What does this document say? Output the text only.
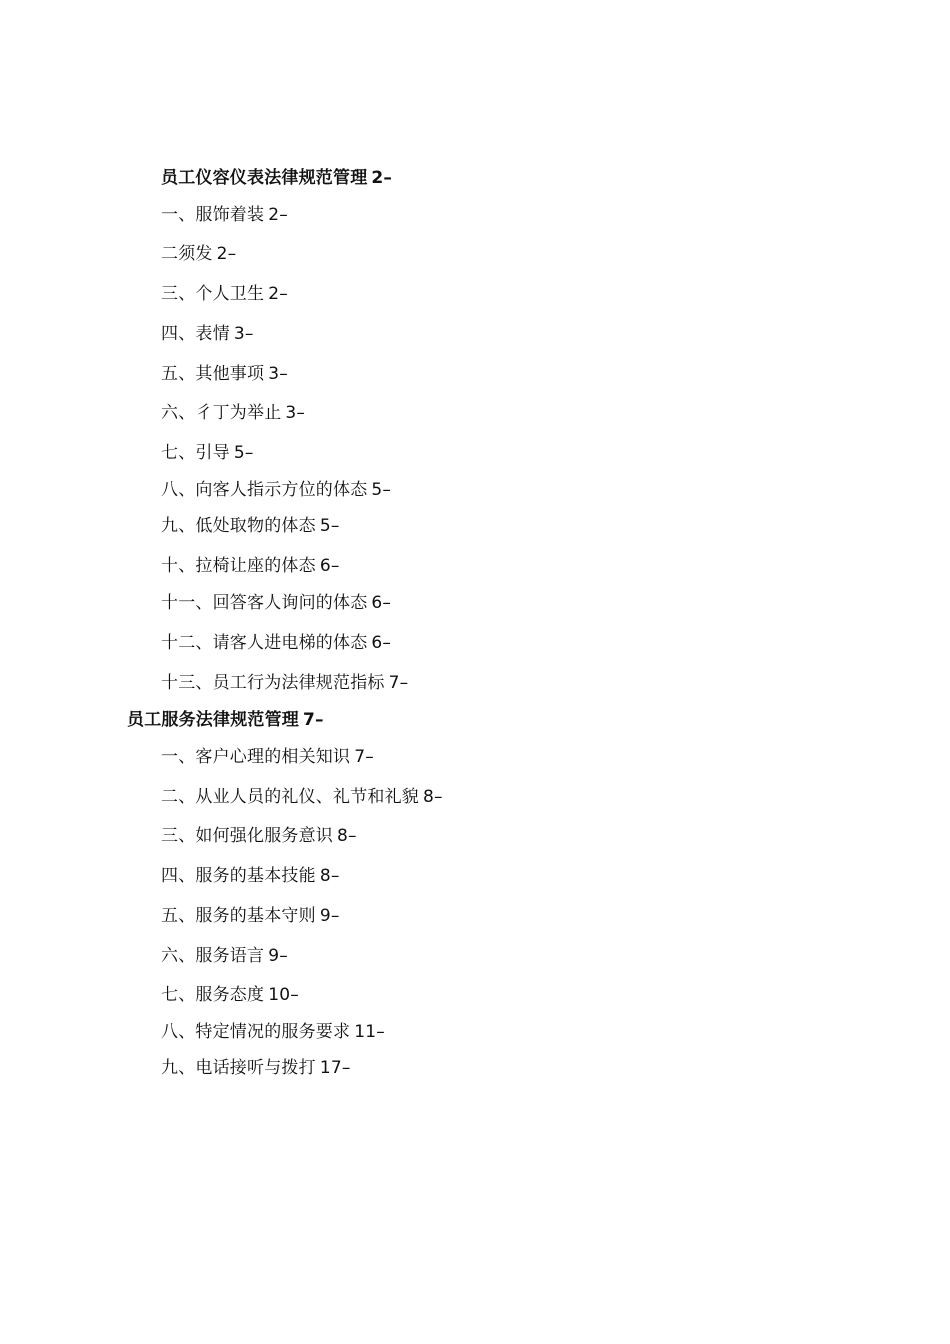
员工仪容仪表法律规范管理 2–
一、服饰着装 2–
二须发 2–
三、个人卫生 2–
四、表情 3–
五、其他事项 3–
六、彳丁为举止 3–
七、引导 5–
八、向客人指示方位的体态 5–
九、低处取物的体态 5–
十、拉椅让座的体态 6–
十一、回答客人询问的体态 6–
十二、请客人进电梯的体态 6–
十三、员工行为法律规范指标 7–
员工服务法律规范管理 7–
一、客户心理的相关知识 7–
二、从业人员的礼仪、礼节和礼貌 8–
三、如何强化服务意识 8–
四、服务的基本技能 8–
五、服务的基本守则 9–
六、服务语言 9–
七、服务态度 10–
八、特定情况的服务要求 11–
九、电话接听与拨打 17–
